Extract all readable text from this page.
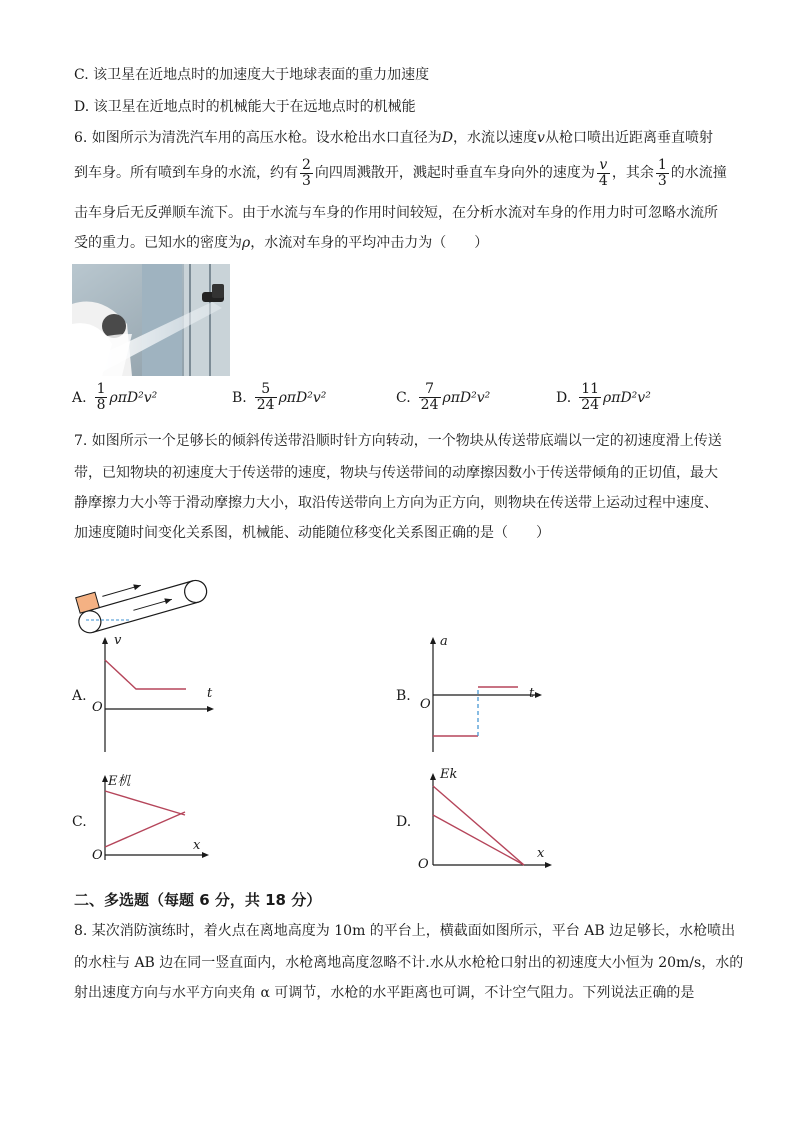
C. 该卫星在近地点时的加速度大于地球表面的重力加速度
D. 该卫星在近地点时的机械能大于在远地点时的机械能
6. 如图所示为清洗汽车用的高压水枪。设水枪出水口直径为D，水流以速度v从枪口喷出近距离垂直喷射
到车身。所有喷到车身的水流，约有 $\frac{2}{3}$ 向四周溅散开，溅起时垂直车身向外的速度为 $\frac{v}{4}$ ，其余 $\frac{1}{3}$ 的水流撞
击车身后无反弹顺车流下。由于水流与车身的作用时间较短，在分析水流对车身的作用力时可忽略水流所
受的重力。已知水的密度为ρ，水流对车身的平均冲击力为（　　）
A. $\frac{1}{8} \rho\pi D^2v^2$	B. $\frac{5}{24} \rho\pi D^2v^2$	C. $\frac{7}{24} \rho\pi D^2v^2$	D. $\frac{11}{24} \rho\pi D^2v^2$
7. 如图所示一个足够长的倾斜传送带沿顺时针方向转动，一个物块从传送带底端以一定的初速度滑上传送
带，已知物块的初速度大于传送带的速度，物块与传送带间的动摩擦因数小于传送带倾角的正切值，最大
静摩擦力大小等于滑动摩擦力大小，取沿传送带向上方向为正方向，则物块在传送带上运动过程中速度、
加速度随时间变化关系图，机械能、动能随位移变化关系图正确的是（　　）
A.
v
t
O
B.
a
t
O
C.
E机
x
O
D.
Ek
x
O
二、多选题（每题 6 分，共 18 分）
8. 某次消防演练时，着火点在离地高度为 10m 的平台上，横截面如图所示，平台 AB 边足够长，水枪喷出
的水柱与 AB 边在同一竖直面内，水枪离地高度忽略不计.水从水枪枪口射出的初速度大小恒为 20m/s，水的
射出速度方向与水平方向夹角 α 可调节，水枪的水平距离也可调，不计空气阻力。下列说法正确的是
